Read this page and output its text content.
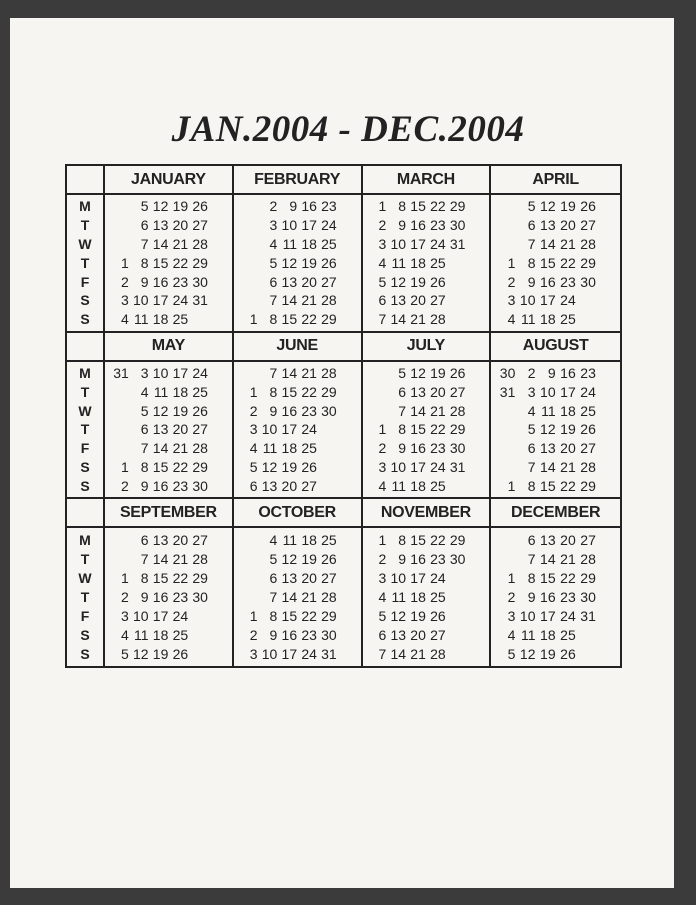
JAN.2004 - DEC.2004
M
T
W
T
F
S
S
JANUARY
5 12 19 26
6 13 20 27
7 14 21 28
1 8 15 22 29
2 9 16 23 30
3 10 17 24 31
4 11 18 25
FEBRUARY
2 9 16 23
3 10 17 24
4 11 18 25
5 12 19 26
6 13 20 27
7 14 21 28
1 8 15 22 29
MARCH
1 8 15 22 29
2 9 16 23 30
3 10 17 24 31
4 11 18 25
5 12 19 26
6 13 20 27
7 14 21 28
APRIL
5 12 19 26
6 13 20 27
7 14 21 28
1 8 15 22 29
2 9 16 23 30
3 10 17 24
4 11 18 25
M
T
W
T
F
S
S
MAY
31 3 10 17 24
4 11 18 25
5 12 19 26
6 13 20 27
7 14 21 28
1 8 15 22 29
2 9 16 23 30
JUNE
7 14 21 28
1 8 15 22 29
2 9 16 23 30
3 10 17 24
4 11 18 25
5 12 19 26
6 13 20 27
JULY
5 12 19 26
6 13 20 27
7 14 21 28
1 8 15 22 29
2 9 16 23 30
3 10 17 24 31
4 11 18 25
AUGUST
30 2 9 16 23
31 3 10 17 24
4 11 18 25
5 12 19 26
6 13 20 27
7 14 21 28
1 8 15 22 29
M
T
W
T
F
S
S
SEPTEMBER
6 13 20 27
7 14 21 28
1 8 15 22 29
2 9 16 23 30
3 10 17 24
4 11 18 25
5 12 19 26
OCTOBER
4 11 18 25
5 12 19 26
6 13 20 27
7 14 21 28
1 8 15 22 29
2 9 16 23 30
3 10 17 24 31
NOVEMBER
1 8 15 22 29
2 9 16 23 30
3 10 17 24
4 11 18 25
5 12 19 26
6 13 20 27
7 14 21 28
DECEMBER
6 13 20 27
7 14 21 28
1 8 15 22 29
2 9 16 23 30
3 10 17 24 31
4 11 18 25
5 12 19 26
